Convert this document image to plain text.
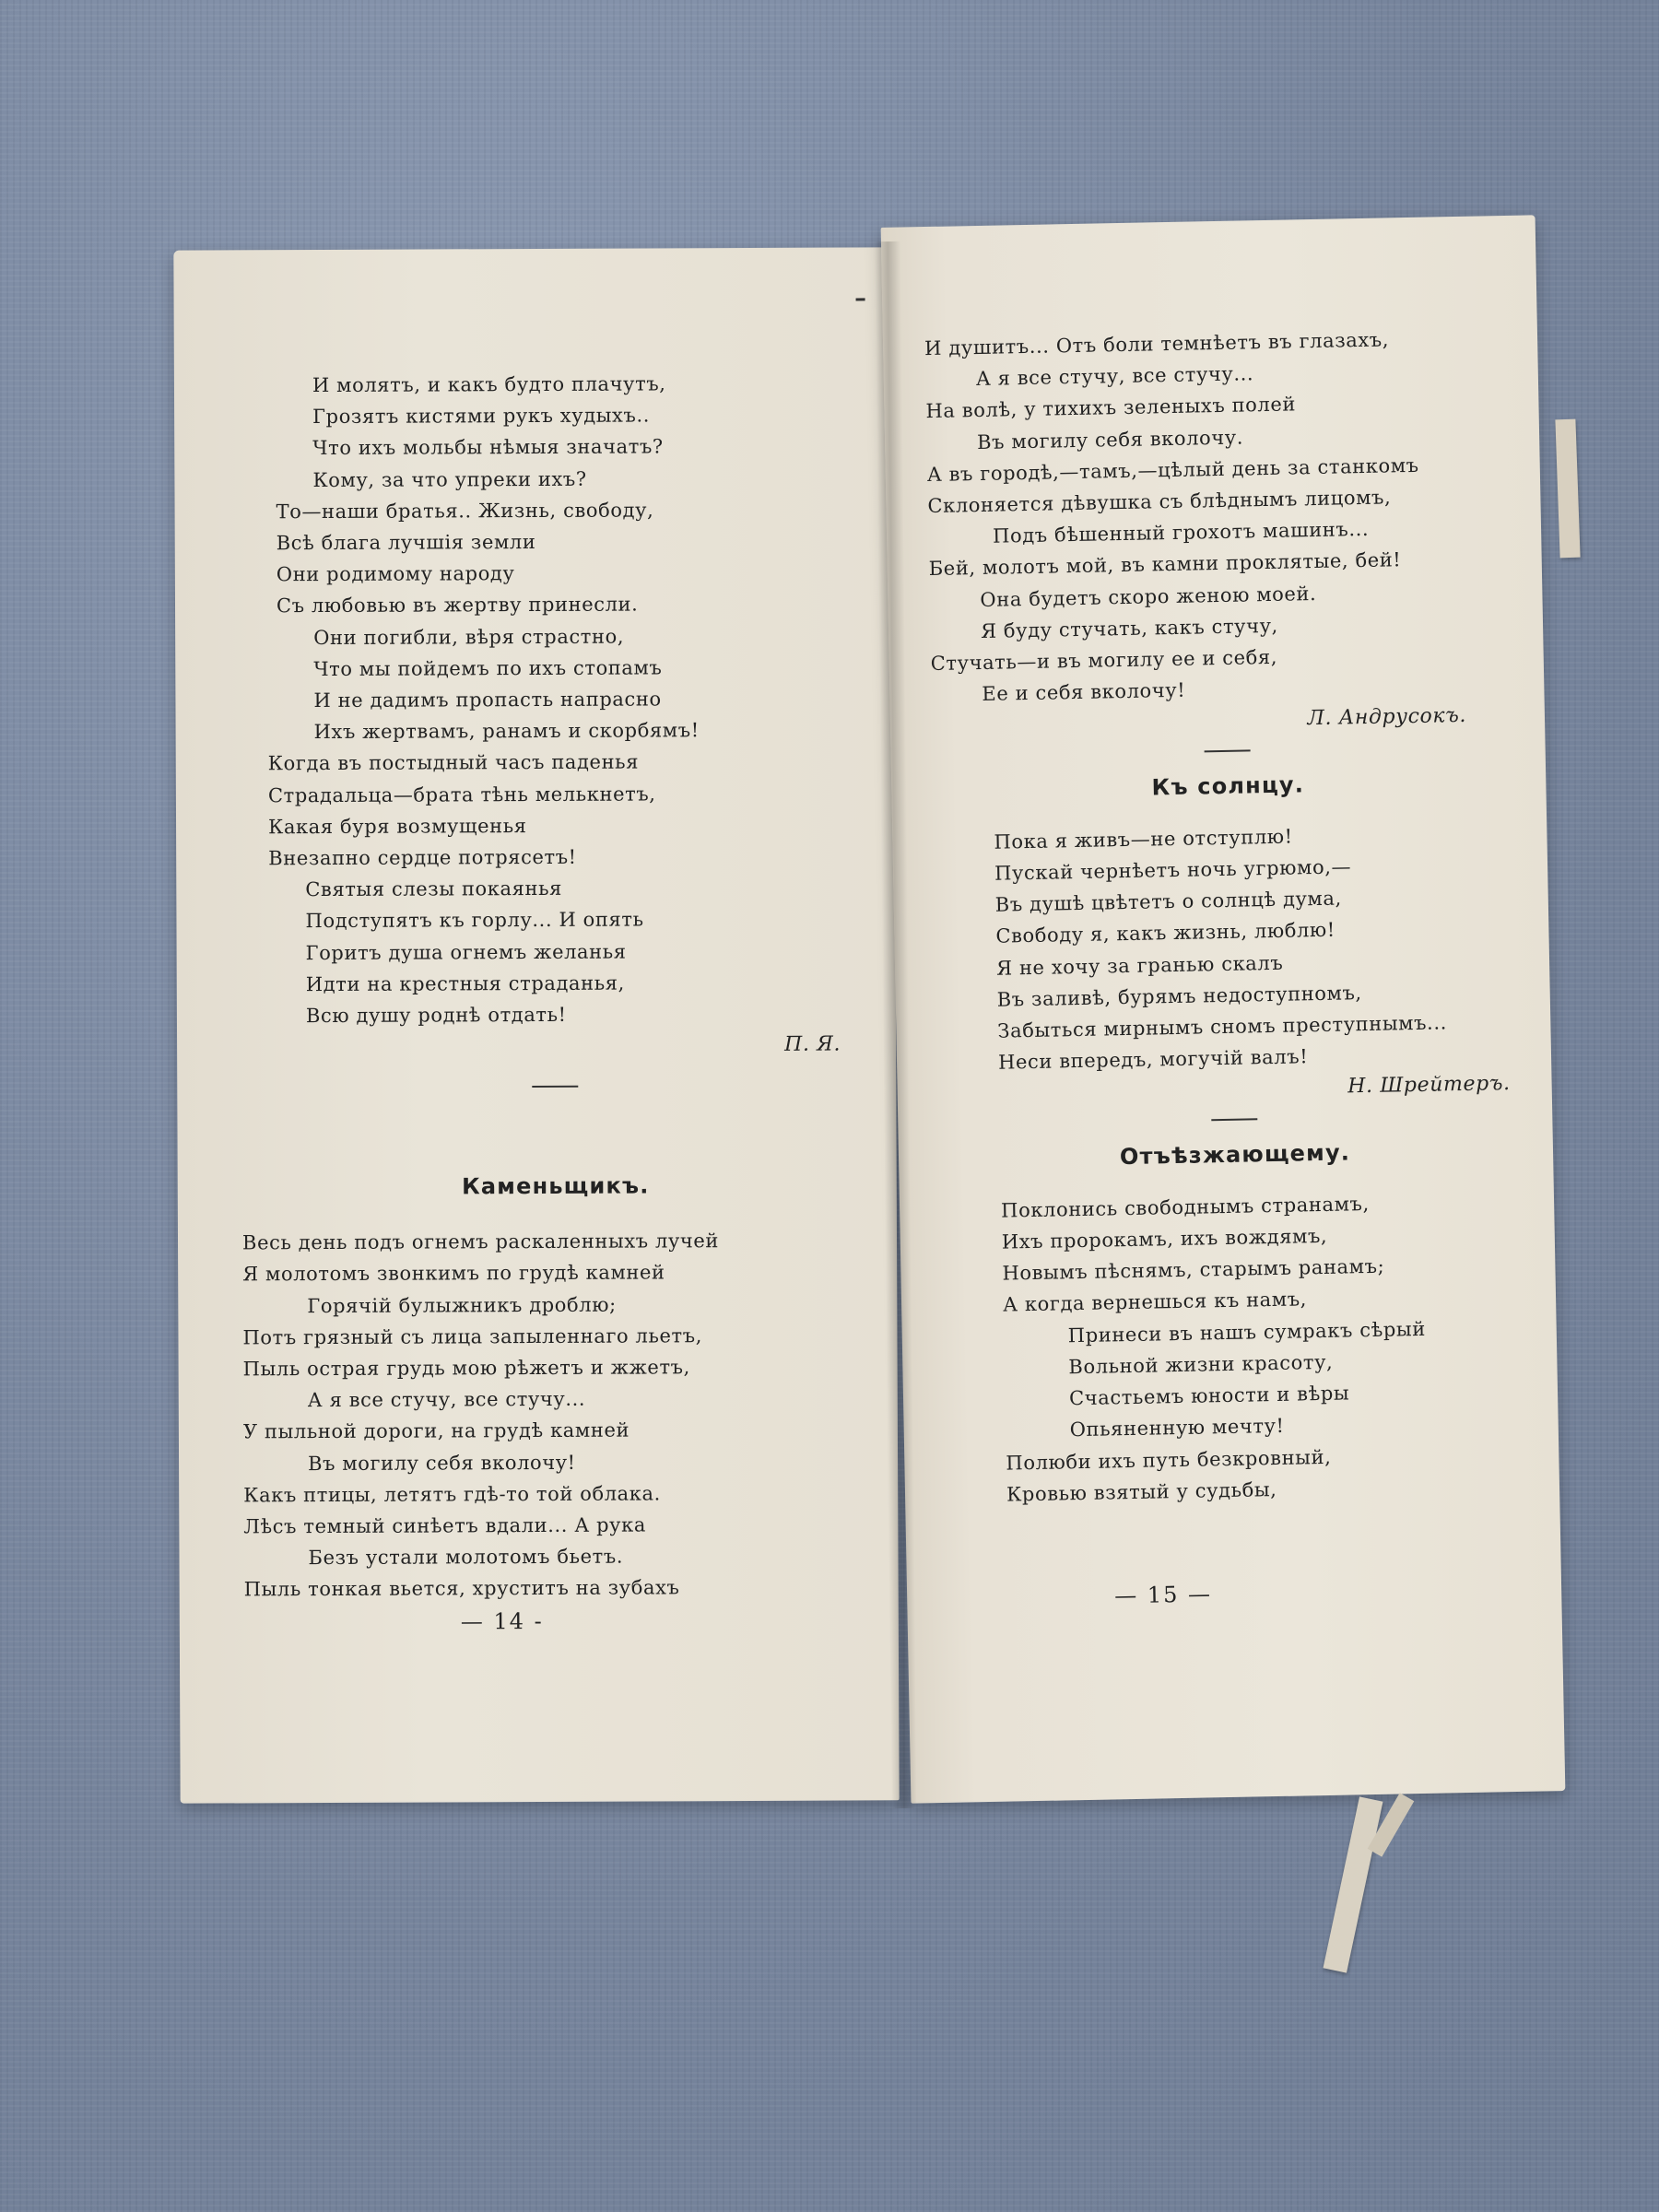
И молятъ, и какъ будто плачутъ,
Грозятъ кистями рукъ худыхъ..
Что ихъ мольбы нѣмыя значатъ?
Кому, за что упреки ихъ?
То—наши братья.. Жизнь, свободу,
Всѣ блага лучшія земли
Они родимому народу
Съ любовью въ жертву принесли.
Они погибли, вѣря страстно,
Что мы пойдемъ по ихъ стопамъ
И не дадимъ пропасть напрасно
Ихъ жертвамъ, ранамъ и скорбямъ!
Когда въ постыдный часъ паденья
Страдальца—брата тѣнь мелькнетъ,
Какая буря возмущенья
Внезапно сердце потрясетъ!
Святыя слезы покаянья
Подступятъ къ горлу... И опять
Горитъ душа огнемъ желанья
Идти на крестныя страданья,
Всю душу роднѣ отдать!
П. Я.
Каменьщикъ.
Весь день подъ огнемъ раскаленныхъ лучей
Я молотомъ звонкимъ по грудѣ камней
Горячій булыжникъ дроблю;
Потъ грязный съ лица запыленнаго льетъ,
Пыль острая грудь мою рѣжетъ и жжетъ,
А я все стучу, все стучу...
У пыльной дороги, на грудѣ камней
Въ могилу себя вколочу!
Какъ птицы, летятъ гдѣ-то той облака.
Лѣсъ темный синѣетъ вдали... А рука
Безъ устали молотомъ бьетъ.
Пыль тонкая вьется, хруститъ на зубахъ
— 14 -
И душитъ... Отъ боли темнѣетъ въ глазахъ,
А я все стучу, все стучу...
На волѣ, у тихихъ зеленыхъ полей
Въ могилу себя вколочу.
А въ городѣ,—тамъ,—цѣлый день за станкомъ
Склоняется дѣвушка съ блѣднымъ лицомъ,
Подъ бѣшенный грохотъ машинъ...
Бей, молотъ мой, въ камни проклятые, бей!
Она будетъ скоро женою моей.
Я буду стучать, какъ стучу,
Стучать—и въ могилу ее и себя,
Ее и себя вколочу!
Л. Андрусокъ.
Къ солнцу.
Пока я живъ—не отступлю!
Пускай чернѣетъ ночь угрюмо,—
Въ душѣ цвѣтетъ о солнцѣ дума,
Свободу я, какъ жизнь, люблю!
Я не хочу за гранью скалъ
Въ заливѣ, бурямъ недоступномъ,
Забыться мирнымъ сномъ преступнымъ...
Неси впередъ, могучій валъ!
Н. Шрейтеръ.
Отъѣзжающему.
Поклонись свободнымъ странамъ,
Ихъ пророкамъ, ихъ вождямъ,
Новымъ пѣснямъ, старымъ ранамъ;
А когда вернешься къ намъ,
Принеси въ нашъ сумракъ сѣрый
Вольной жизни красоту,
Счастьемъ юности и вѣры
Опьяненную мечту!
Полюби ихъ путь безкровный,
Кровью взятый у судьбы,
— 15 —
